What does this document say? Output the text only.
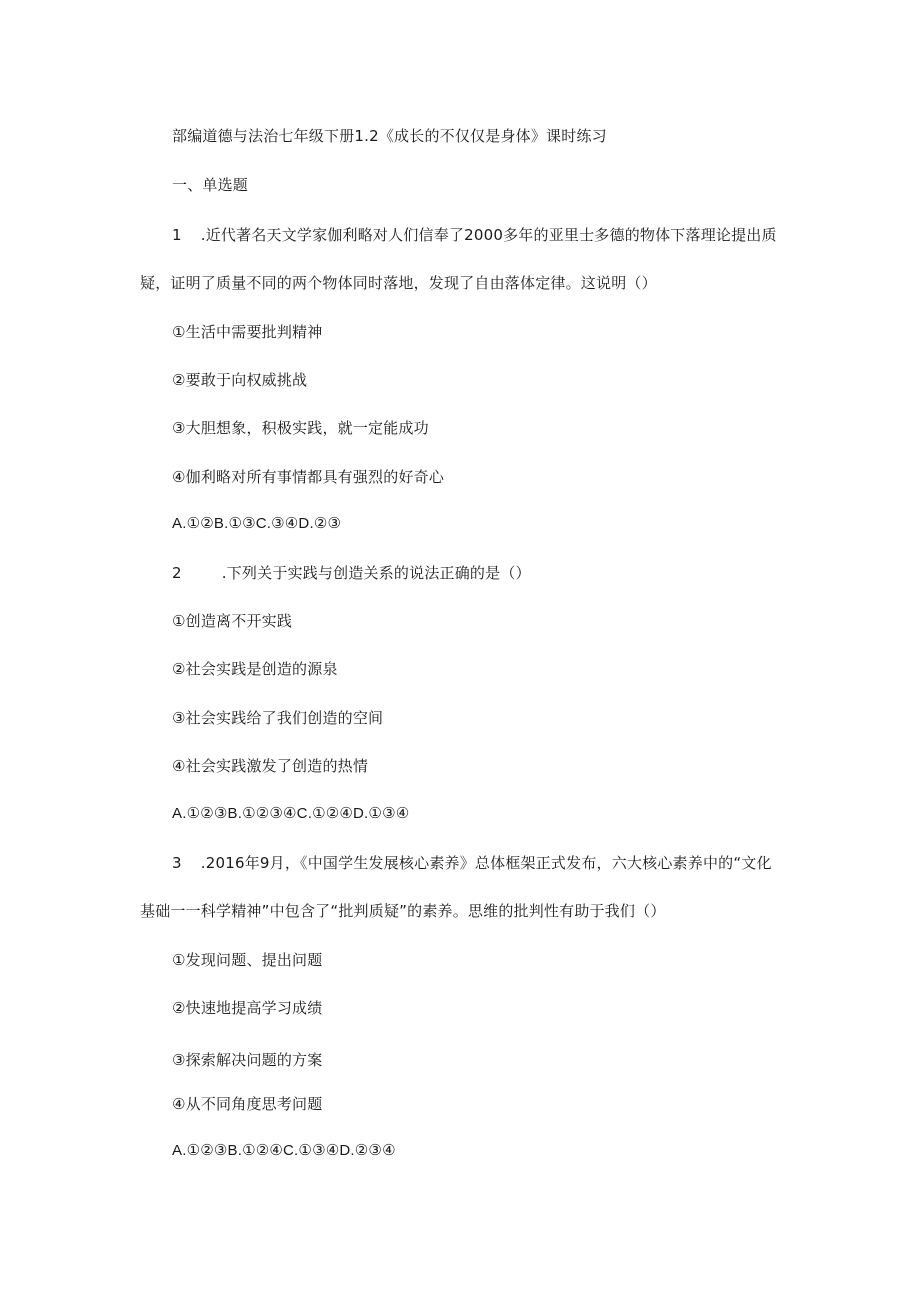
部编道德与法治七年级下册1.2《成长的不仅仅是身体》课时练习
一、单选题
1 .近代著名天文学家伽利略对人们信奉了2000多年的亚里士多德的物体下落理论提出质
疑，证明了质量不同的两个物体同时落地，发现了自由落体定律。这说明（）
①生活中需要批判精神
②要敢于向权威挑战
③大胆想象，积极实践，就一定能成功
④伽利略对所有事情都具有强烈的好奇心
A.①②B.①③C.③④D.②③
2	.下列关于实践与创造关系的说法正确的是（）
①创造离不开实践
②社会实践是创造的源泉
③社会实践给了我们创造的空间
④社会实践激发了创造的热情
A.①②③B.①②③④C.①②④D.①③④
3 .2016年9月，《中国学生发展核心素养》总体框架正式发布，六大核心素养中的“文化
基础一一科学精神”中包含了“批判质疑”的素养。思维的批判性有助于我们（）
①发现问题、提出问题
②快速地提高学习成绩
③探索解决问题的方案
④从不同角度思考问题
A.①②③B.①②④C.①③④D.②③④
